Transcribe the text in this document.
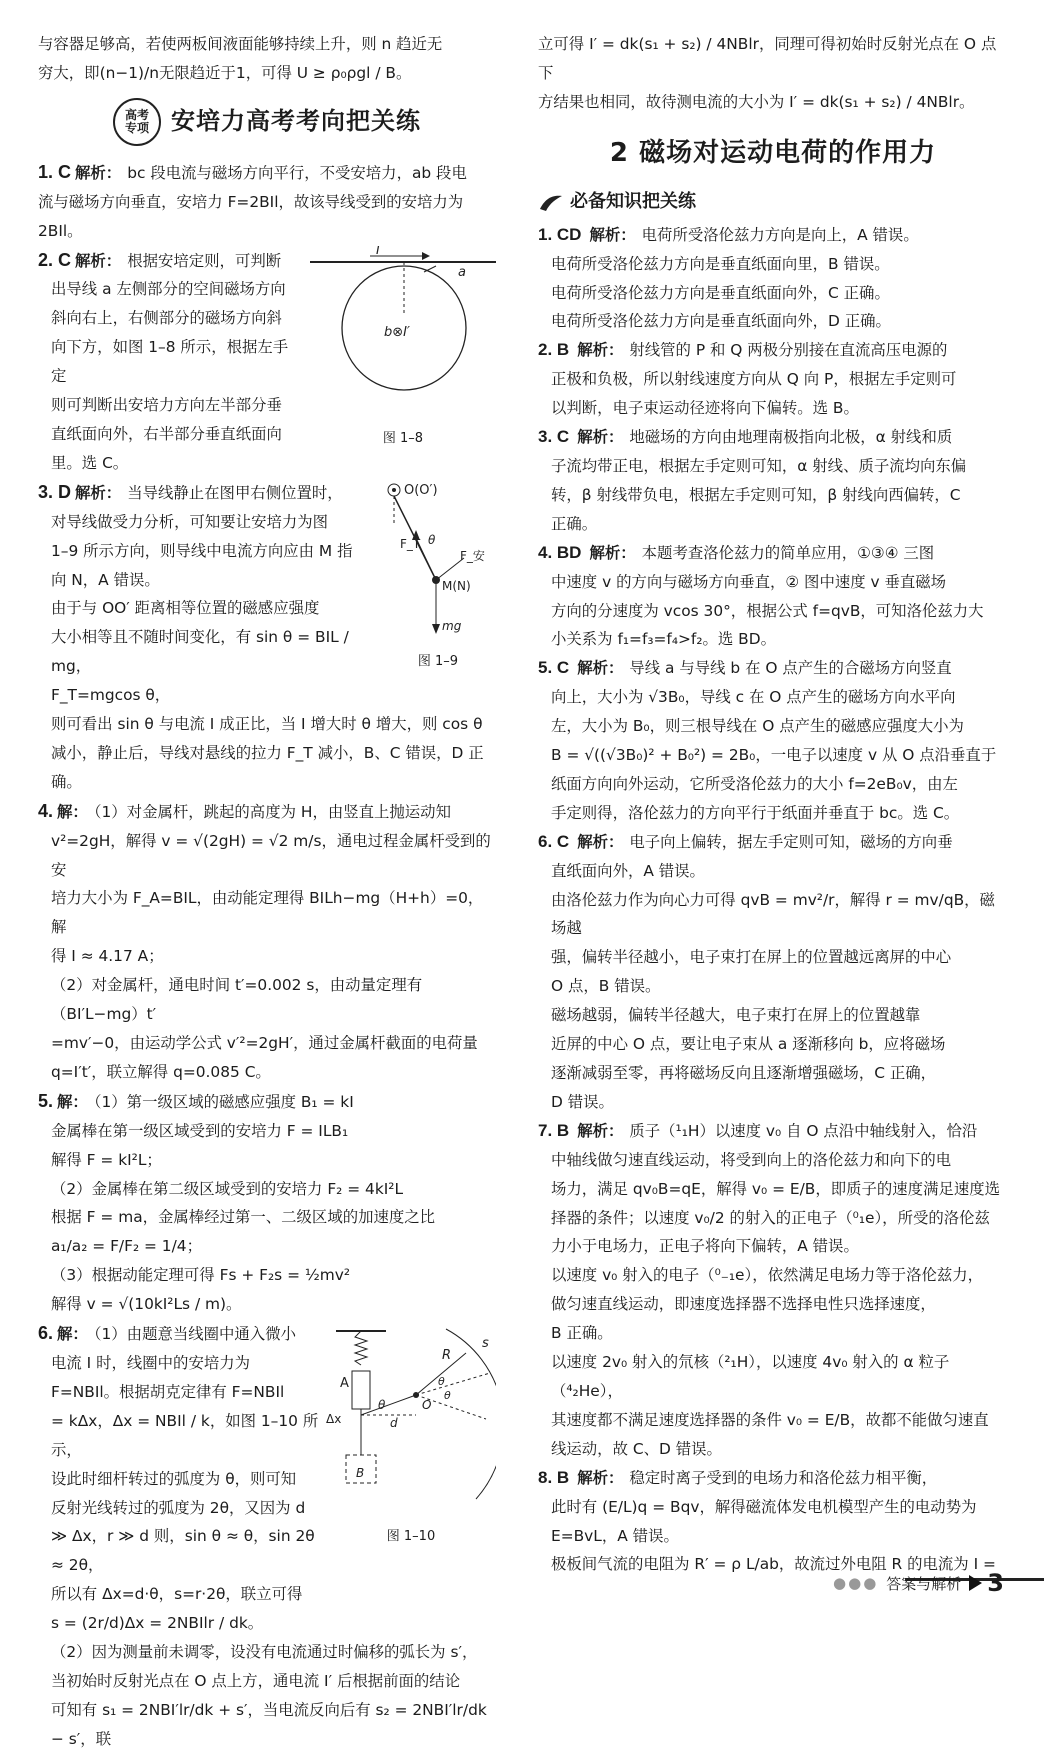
与容器足够高，若使两板间液面能够持续上升，则 n 趋近无

穷大，即(n−1)/n无限趋近于1，可得 U ≥ ρ₀ρgl / B。

高考
专项 安培力高考考向把关练

1. C 解析： bc 段电流与磁场方向平行，不受安培力，ab 段电

流与磁场方向垂直，安培力 F=2BIl，故该导线受到的安培力为

2BIl。

2. C 解析： 根据安培定则，可判断

出导线 a 左侧部分的空间磁场方向

斜向右上，右侧部分的磁场方向斜

向下方，如图 1–8 所示，根据左手定

则可判断出安培力方向左半部分垂

直纸面向外，右半部分垂直纸面向

里。选 C。

I
a
b⊗I′
图 1–8

3. D 解析： 当导线静止在图甲右侧位置时，

对导线做受力分析，可知要让安培力为图

1–9 所示方向，则导线中电流方向应由 M 指

向 N，A 错误。

由于与 OO′ 距离相等位置的磁感应强度

大小相等且不随时间变化，有 sin θ = BIL / mg，

F_T=mgcos θ，

则可看出 sin θ 与电流 I 成正比，当 I 增大时 θ 增大，则 cos θ

减小，静止后，导线对悬线的拉力 F_T 减小，B、C 错误，D 正确。

O(O′)
F_T θ
F_安
M(N)
mg
图 1–9

4. 解： （1）对金属杆，跳起的高度为 H，由竖直上抛运动知

v²=2gH，解得 v = √(2gH) = √2 m/s，通电过程金属杆受到的安

培力大小为 F_A=BIL，由动能定理得 BILh−mg（H+h）=0，解

得 I ≈ 4.17 A；

（2）对金属杆，通电时间 t′=0.002 s，由动量定理有（BI′L−mg）t′

=mv′−0，由运动学公式 v′²=2gH′，通过金属杆截面的电荷量

q=I′t′，联立解得 q=0.085 C。

5. 解： （1）第一级区域的磁感应强度 B₁ = kI

金属棒在第一级区域受到的安培力 F = ILB₁

解得 F = kI²L；

（2）金属棒在第二级区域受到的安培力 F₂ = 4kI²L

根据 F = ma，金属棒经过第一、二级区域的加速度之比

a₁/a₂ = F/F₂ = 1/4；

（3）根据动能定理可得 Fs + F₂s = ½mv²

解得 v = √(10kI²Ls / m)。

6. 解： （1）由题意当线圈中通入微小

电流 I 时，线圈中的安培力为

F=NBIl。根据胡克定律有 F=NBIl

= kΔx，Δx = NBIl / k，如图 1–10 所示，

设此时细杆转过的弧度为 θ，则可知

反射光线转过的弧度为 2θ，又因为 d

≫ Δx，r ≫ d 则，sin θ ≈ θ，sin 2θ ≈ 2θ，

所以有 Δx=d·θ，s=r·2θ，联立可得

s = (2r/d)Δx = 2NBIlr / dk。

（2）因为测量前未调零，设没有电流通过时偏移的弧长为 s′，

当初始时反射光点在 O 点上方，通电流 I′ 后根据前面的结论

可知有 s₁ = 2NBI′lr/dk + s′，当电流反向后有 s₂ = 2NBI′lr/dk − s′，联

A
R
s
Δx
θ	O
d
B
θ
θ
图 1–10

立可得 I′ = dk(s₁ + s₂) / 4NBlr，同理可得初始时反射光点在 O 点下

方结果也相同，故待测电流的大小为 I′ = dk(s₁ + s₂) / 4NBlr。

2 磁场对运动电荷的作用力
必备知识把关练

1. CD 解析： 电荷所受洛伦兹力方向是向上，A 错误。

电荷所受洛伦兹力方向是垂直纸面向里，B 错误。

电荷所受洛伦兹力方向是垂直纸面向外，C 正确。

电荷所受洛伦兹力方向是垂直纸面向外，D 正确。

2. B 解析： 射线管的 P 和 Q 两极分别接在直流高压电源的

正极和负极，所以射线速度方向从 Q 向 P，根据左手定则可

以判断，电子束运动径迹将向下偏转。选 B。

3. C 解析： 地磁场的方向由地理南极指向北极，α 射线和质

子流均带正电，根据左手定则可知，α 射线、质子流均向东偏

转，β 射线带负电，根据左手定则可知，β 射线向西偏转，C

正确。

4. BD 解析： 本题考查洛伦兹力的简单应用，①③④ 三图

中速度 v 的方向与磁场方向垂直，② 图中速度 v 垂直磁场

方向的分速度为 vcos 30°，根据公式 f=qvB，可知洛伦兹力大

小关系为 f₁=f₃=f₄>f₂。选 BD。

5. C 解析： 导线 a 与导线 b 在 O 点产生的合磁场方向竖直

向上，大小为 √3B₀，导线 c 在 O 点产生的磁场方向水平向

左，大小为 B₀，则三根导线在 O 点产生的磁感应强度大小为

B = √((√3B₀)² + B₀²) = 2B₀，一电子以速度 v 从 O 点沿垂直于

纸面方向向外运动，它所受洛伦兹力的大小 f=2eB₀v，由左

手定则得，洛伦兹力的方向平行于纸面并垂直于 bc。选 C。

6. C 解析： 电子向上偏转，据左手定则可知，磁场的方向垂

直纸面向外，A 错误。

由洛伦兹力作为向心力可得 qvB = mv²/r，解得 r = mv/qB，磁场越

强，偏转半径越小，电子束打在屏上的位置越远离屏的中心

O 点，B 错误。

磁场越弱，偏转半径越大，电子束打在屏上的位置越靠

近屏的中心 O 点，要让电子束从 a 逐渐移向 b，应将磁场

逐渐减弱至零，再将磁场反向且逐渐增强磁场，C 正确，

D 错误。

7. B 解析： 质子（¹₁H）以速度 v₀ 自 O 点沿中轴线射入，恰沿

中轴线做匀速直线运动，将受到向上的洛伦兹力和向下的电

场力，满足 qv₀B=qE，解得 v₀ = E/B，即质子的速度满足速度选

择器的条件；以速度 v₀/2 的射入的正电子（⁰₁e），所受的洛伦兹

力小于电场力，正电子将向下偏转，A 错误。

以速度 v₀ 射入的电子（⁰₋₁e），依然满足电场力等于洛伦兹力，

做匀速直线运动，即速度选择器不选择电性只选择速度，

B 正确。

以速度 2v₀ 射入的氘核（²₁H），以速度 4v₀ 射入的 α 粒子（⁴₂He），

其速度都不满足速度选择器的条件 v₀ = E/B，故都不能做匀速直

线运动，故 C、D 错误。

8. B 解析： 稳定时离子受到的电场力和洛伦兹力相平衡，

此时有 (E/L)q = Bqv，解得磁流体发电机模型产生的电动势为

E=BvL，A 错误。

极板间气流的电阻为 R′ = ρ L/ab，故流过外电阻 R 的电流为 I =

●●● 答案与解析 3
